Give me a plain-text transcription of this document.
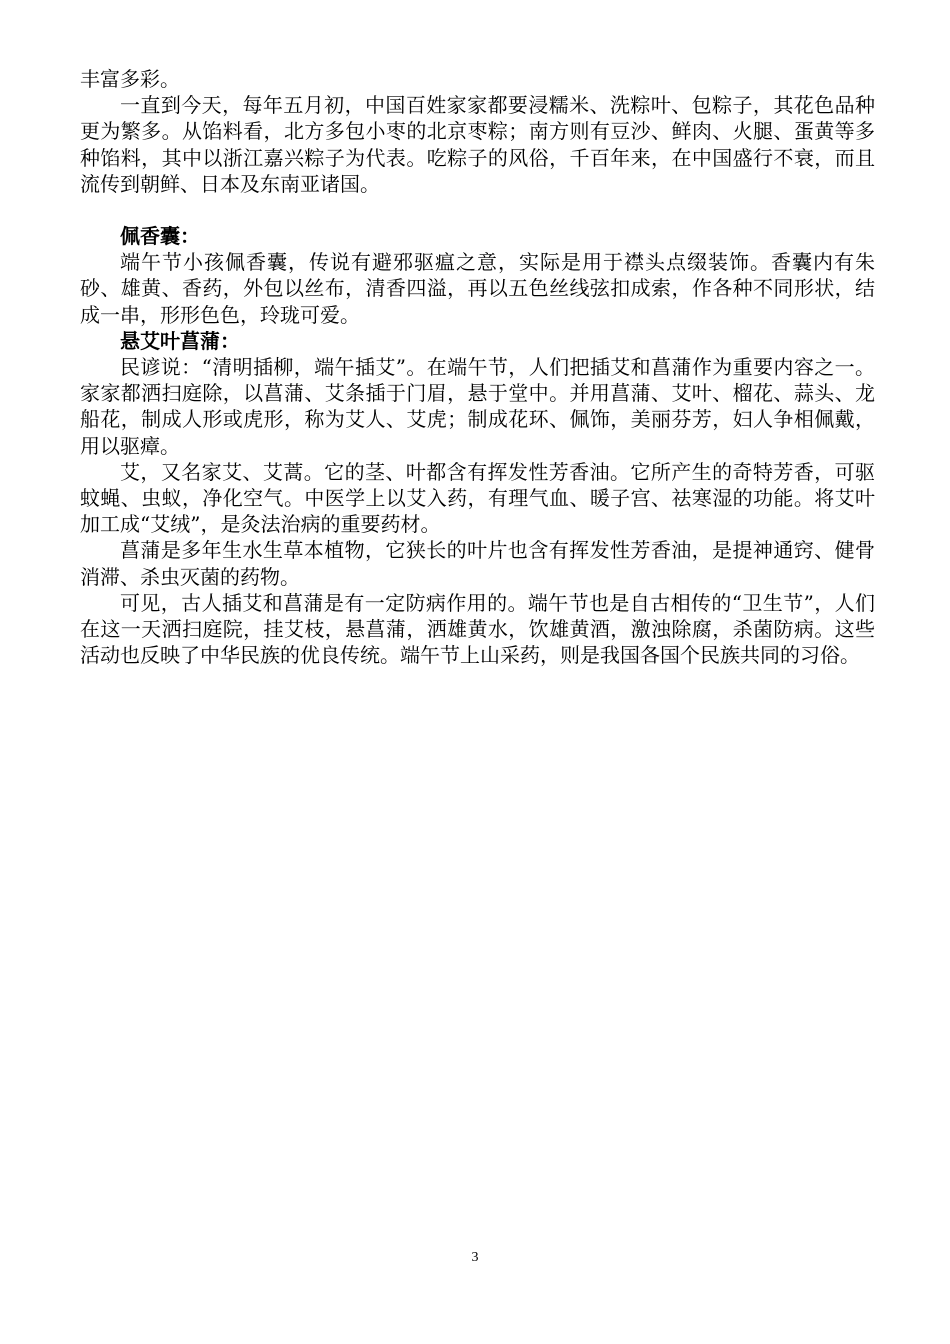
丰富多彩。

一直到今天，每年五月初，中国百姓家家都要浸糯米、洗粽叶、包粽子，其花色品种更为繁多。从馅料看，北方多包小枣的北京枣粽；南方则有豆沙、鲜肉、火腿、蛋黄等多种馅料，其中以浙江嘉兴粽子为代表。吃粽子的风俗，千百年来，在中国盛行不衰，而且流传到朝鲜、日本及东南亚诸国。

佩香囊：

端午节小孩佩香囊，传说有避邪驱瘟之意，实际是用于襟头点缀装饰。香囊内有朱砂、雄黄、香药，外包以丝布，清香四溢，再以五色丝线弦扣成索，作各种不同形状，结成一串，形形色色，玲珑可爱。

悬艾叶菖蒲：

民谚说：“清明插柳，端午插艾”。在端午节，人们把插艾和菖蒲作为重要内容之一。家家都洒扫庭除，以菖蒲、艾条插于门眉，悬于堂中。并用菖蒲、艾叶、榴花、蒜头、龙船花，制成人形或虎形，称为艾人、艾虎；制成花环、佩饰，美丽芬芳，妇人争相佩戴，用以驱瘴。

艾，又名家艾、艾蒿。它的茎、叶都含有挥发性芳香油。它所产生的奇特芳香，可驱蚊蝇、虫蚁，净化空气。中医学上以艾入药，有理气血、暖子宫、祛寒湿的功能。将艾叶加工成“艾绒”，是灸法治病的重要药材。

菖蒲是多年生水生草本植物，它狭长的叶片也含有挥发性芳香油，是提神通窍、健骨消滞、杀虫灭菌的药物。

可见，古人插艾和菖蒲是有一定防病作用的。端午节也是自古相传的“卫生节”，人们在这一天洒扫庭院，挂艾枝，悬菖蒲，洒雄黄水，饮雄黄酒，激浊除腐，杀菌防病。这些活动也反映了中华民族的优良传统。端午节上山采药，则是我国各国个民族共同的习俗。

3
